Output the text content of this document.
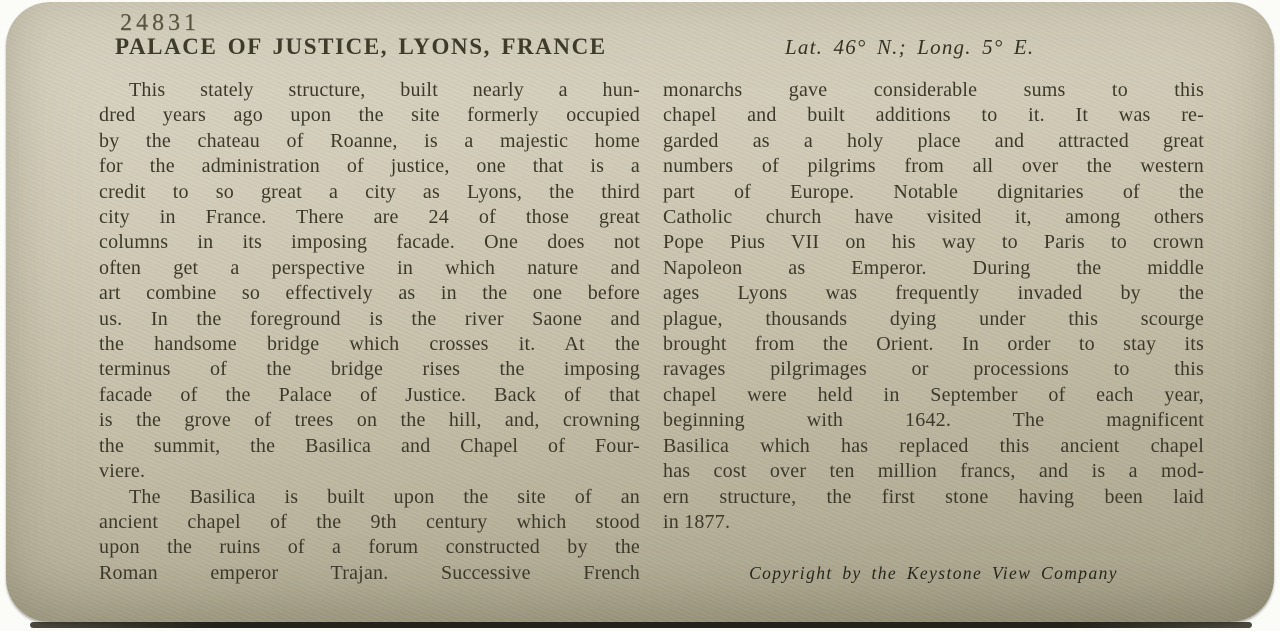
24831
PALACE OF JUSTICE, LYONS, FRANCE	Lat. 46° N.; Long. 5° E.
This stately structure, built nearly a hun-
dred years ago upon the site formerly occupied
by the chateau of Roanne, is a majestic home
for the administration of justice, one that is a
credit to so great a city as Lyons, the third
city in France. There are 24 of those great
columns in its imposing facade. One does not
often get a perspective in which nature and
art combine so effectively as in the one before
us. In the foreground is the river Saone and
the handsome bridge which crosses it. At the
terminus of the bridge rises the imposing
facade of the Palace of Justice. Back of that
is the grove of trees on the hill, and, crowning
the summit, the Basilica and Chapel of Four-
viere.
The Basilica is built upon the site of an
ancient chapel of the 9th century which stood
upon the ruins of a forum constructed by the
Roman emperor Trajan. Successive French
monarchs gave considerable sums to this
chapel and built additions to it. It was re-
garded as a holy place and attracted great
numbers of pilgrims from all over the western
part of Europe. Notable dignitaries of the
Catholic church have visited it, among others
Pope Pius VII on his way to Paris to crown
Napoleon as Emperor. During the middle
ages Lyons was frequently invaded by the
plague, thousands dying under this scourge
brought from the Orient. In order to stay its
ravages pilgrimages or processions to this
chapel were held in September of each year,
beginning with 1642. The magnificent
Basilica which has replaced this ancient chapel
has cost over ten million francs, and is a mod-
ern structure, the first stone having been laid
in 1877.
Copyright by the Keystone View Company
